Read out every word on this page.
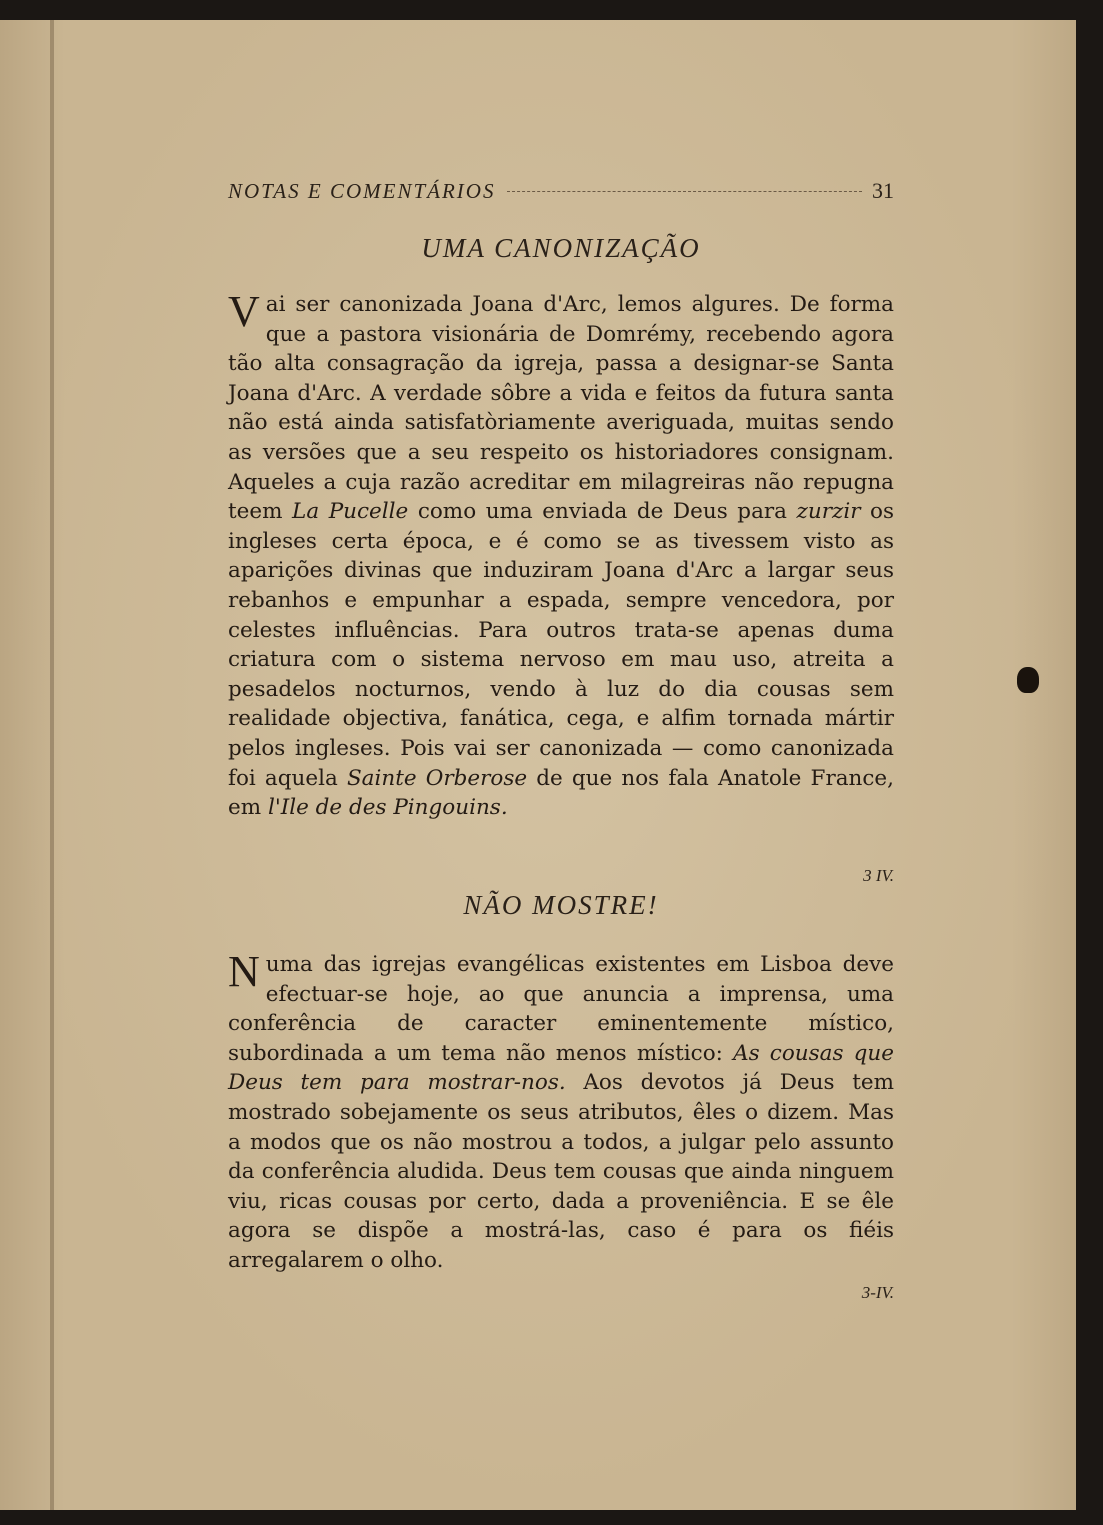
NOTAS E COMENTÁRIOS	31
UMA CANONIZAÇÃO
Vai ser canonizada Joana d'Arc, lemos algures. De forma que a pastora visionária de Domrémy, recebendo agora tão alta consagração da igreja, passa a designar-se Santa Joana d'Arc. A verdade sôbre a vida e feitos da futura santa não está ainda satisfatòriamente averiguada, muitas sendo as versões que a seu respeito os historiadores consignam. Aqueles a cuja razão acreditar em milagreiras não repugna teem La Pucelle como uma enviada de Deus para zurzir os ingleses certa época, e é como se as tivessem visto as aparições divinas que induziram Joana d'Arc a largar seus rebanhos e empunhar a espada, sempre vencedora, por celestes influências. Para outros trata-se apenas duma criatura com o sistema nervoso em mau uso, atreita a pesadelos nocturnos, vendo à luz do dia cousas sem realidade objectiva, fanática, cega, e alfim tornada mártir pelos ingleses. Pois vai ser canonizada — como canonizada foi aquela Sainte Orberose de que nos fala Anatole France, em l'Ile de des Pingouins.
3 IV.
NÃO MOSTRE!
Numa das igrejas evangélicas existentes em Lisboa deve efectuar-se hoje, ao que anuncia a imprensa, uma conferência de caracter eminentemente místico, subordinada a um tema não menos místico: As cousas que Deus tem para mostrar-nos. Aos devotos já Deus tem mostrado sobejamente os seus atributos, êles o dizem. Mas a modos que os não mostrou a todos, a julgar pelo assunto da conferência aludida. Deus tem cousas que ainda ninguem viu, ricas cousas por certo, dada a proveniência. E se êle agora se dispõe a mostrá-las, caso é para os fiéis arregalarem o olho.
3-IV.
